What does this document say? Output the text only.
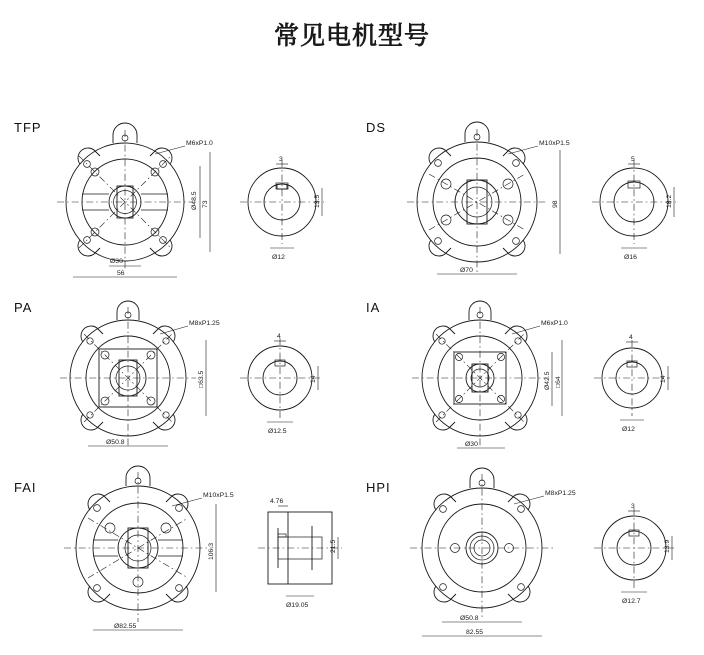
常见电机型号
TFP
M6xP1.0
Ø48.5 73
Ø30
56
3
13.5
Ø12
DS
M10xP1.5
98
Ø70
5
18.2
Ø16
PA
M8xP1.25
□63.5
Ø50.8
4
14
Ø12.5
IA
M6xP1.0
Ø42.5 □64
Ø30
4
14
Ø12
FAI
M10xP1.5
106.3
Ø82.55
4.76
21.5
Ø19.05
HPI	M8xP1.25
Ø50.8
82.55
3
13.9
Ø12.7
